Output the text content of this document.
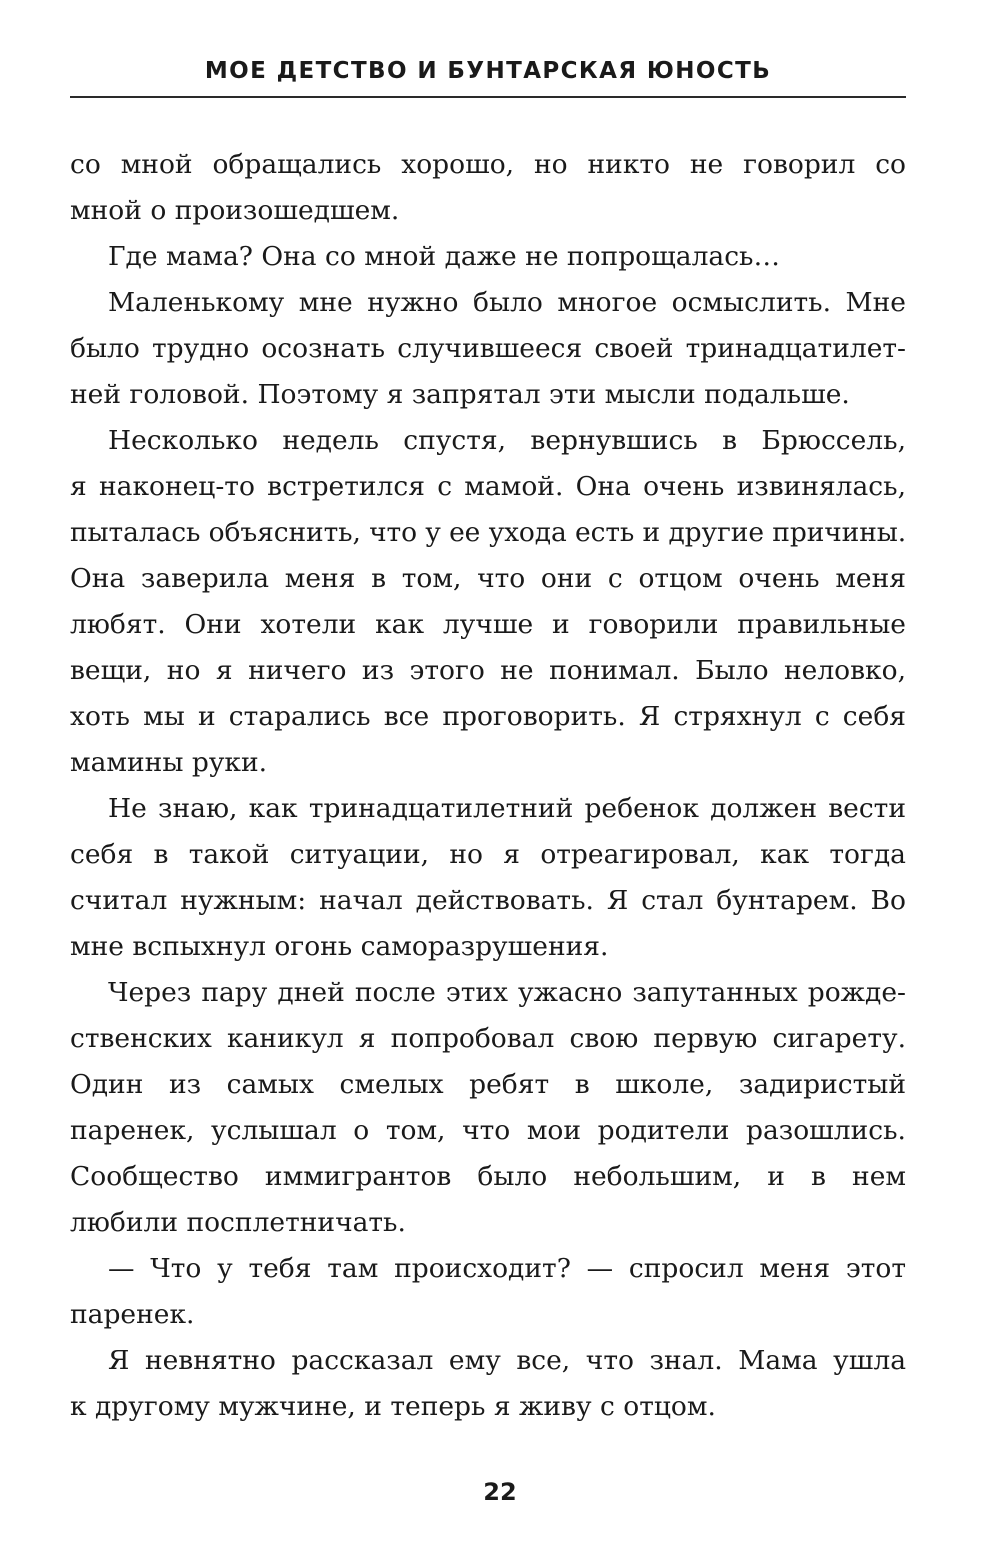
МОЕ ДЕТСТВО И БУНТАРСКАЯ ЮНОСТЬ

со мной обращались хорошо, но никто не говорил со
мной о произошедшем.

Где мама? Она со мной даже не попрощалась…

Маленькому мне нужно было многое осмыслить. Мне
было трудно осознать случившееся своей тринадцатилет-
ней головой. Поэтому я запрятал эти мысли подальше.

Несколько недель спустя, вернувшись в Брюссель,
я наконец-то встретился с мамой. Она очень извинялась,
пыталась объяснить, что у ее ухода есть и другие причины.
Она заверила меня в том, что они с отцом очень меня
любят. Они хотели как лучше и говорили правильные
вещи, но я ничего из этого не понимал. Было неловко,
хоть мы и старались все проговорить. Я стряхнул с себя
мамины руки.

Не знаю, как тринадцатилетний ребенок должен вести
себя в такой ситуации, но я отреагировал, как тогда
считал нужным: начал действовать. Я стал бунтарем. Во
мне вспыхнул огонь саморазрушения.

Через пару дней после этих ужасно запутанных рожде-
ственских каникул я попробовал свою первую сигарету.
Один из самых смелых ребят в школе, задиристый
паренек, услышал о том, что мои родители разошлись.
Сообщество иммигрантов было небольшим, и в нем
любили посплетничать.

— Что у тебя там происходит? — спросил меня этот
паренек.

Я невнятно рассказал ему все, что знал. Мама ушла
к другому мужчине, и теперь я живу с отцом.

22
